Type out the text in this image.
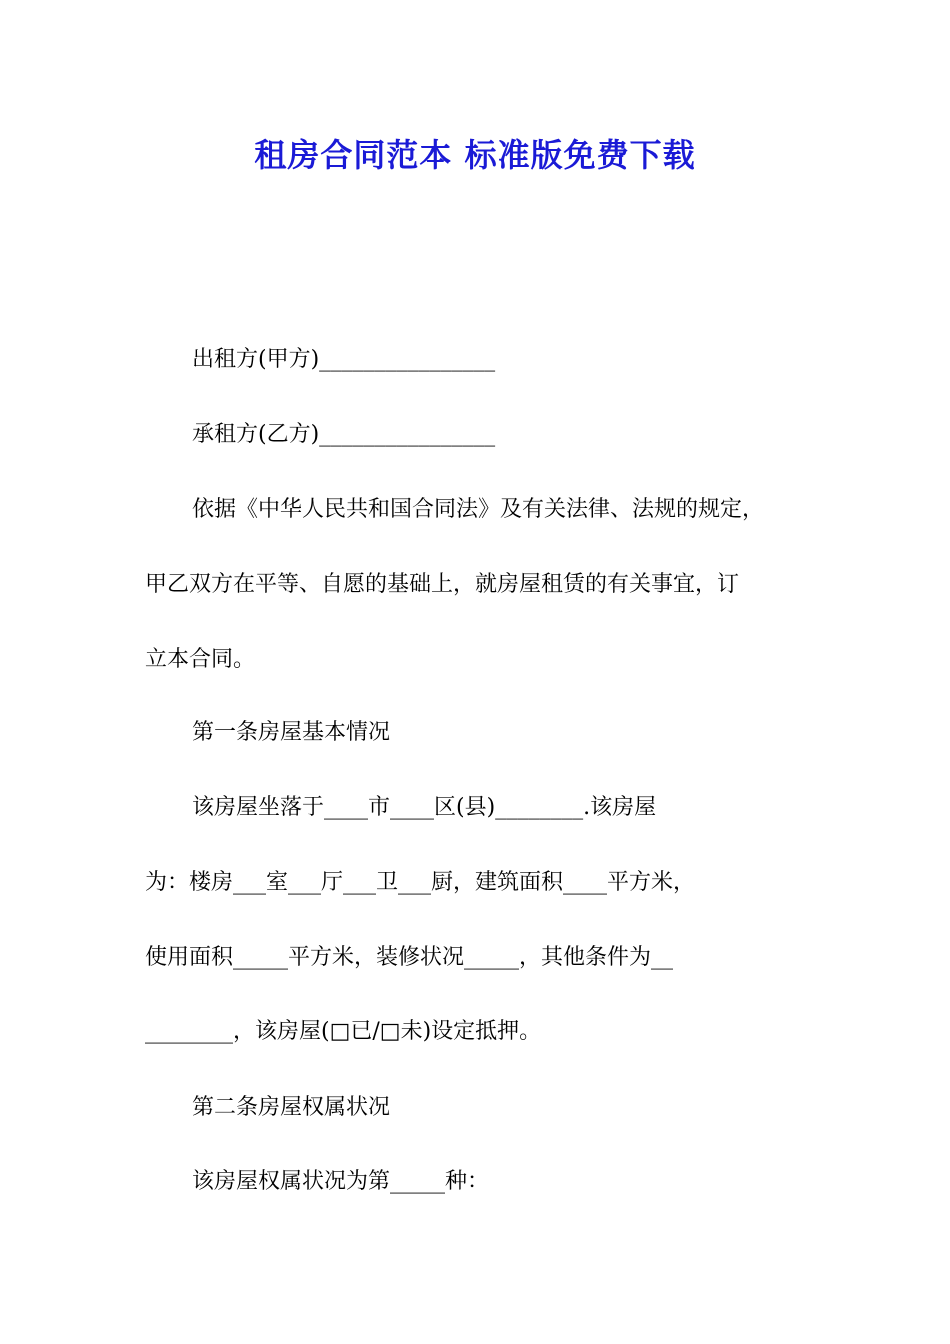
租房合同范本 标准版免费下载
出租方(甲方)________________
承租方(乙方)________________
依据《中华人民共和国合同法》及有关法律、法规的规定，
甲乙双方在平等、自愿的基础上，就房屋租赁的有关事宜，订
立本合同。
第一条房屋基本情况
该房屋坐落于____市____区(县)________.该房屋
为：楼房___室___厅___卫___厨，建筑面积____平方米，
使用面积_____平方米，装修状况_____，其他条件为__
________，该房屋(□已/□未)设定抵押。
第二条房屋权属状况
该房屋权属状况为第_____种：
